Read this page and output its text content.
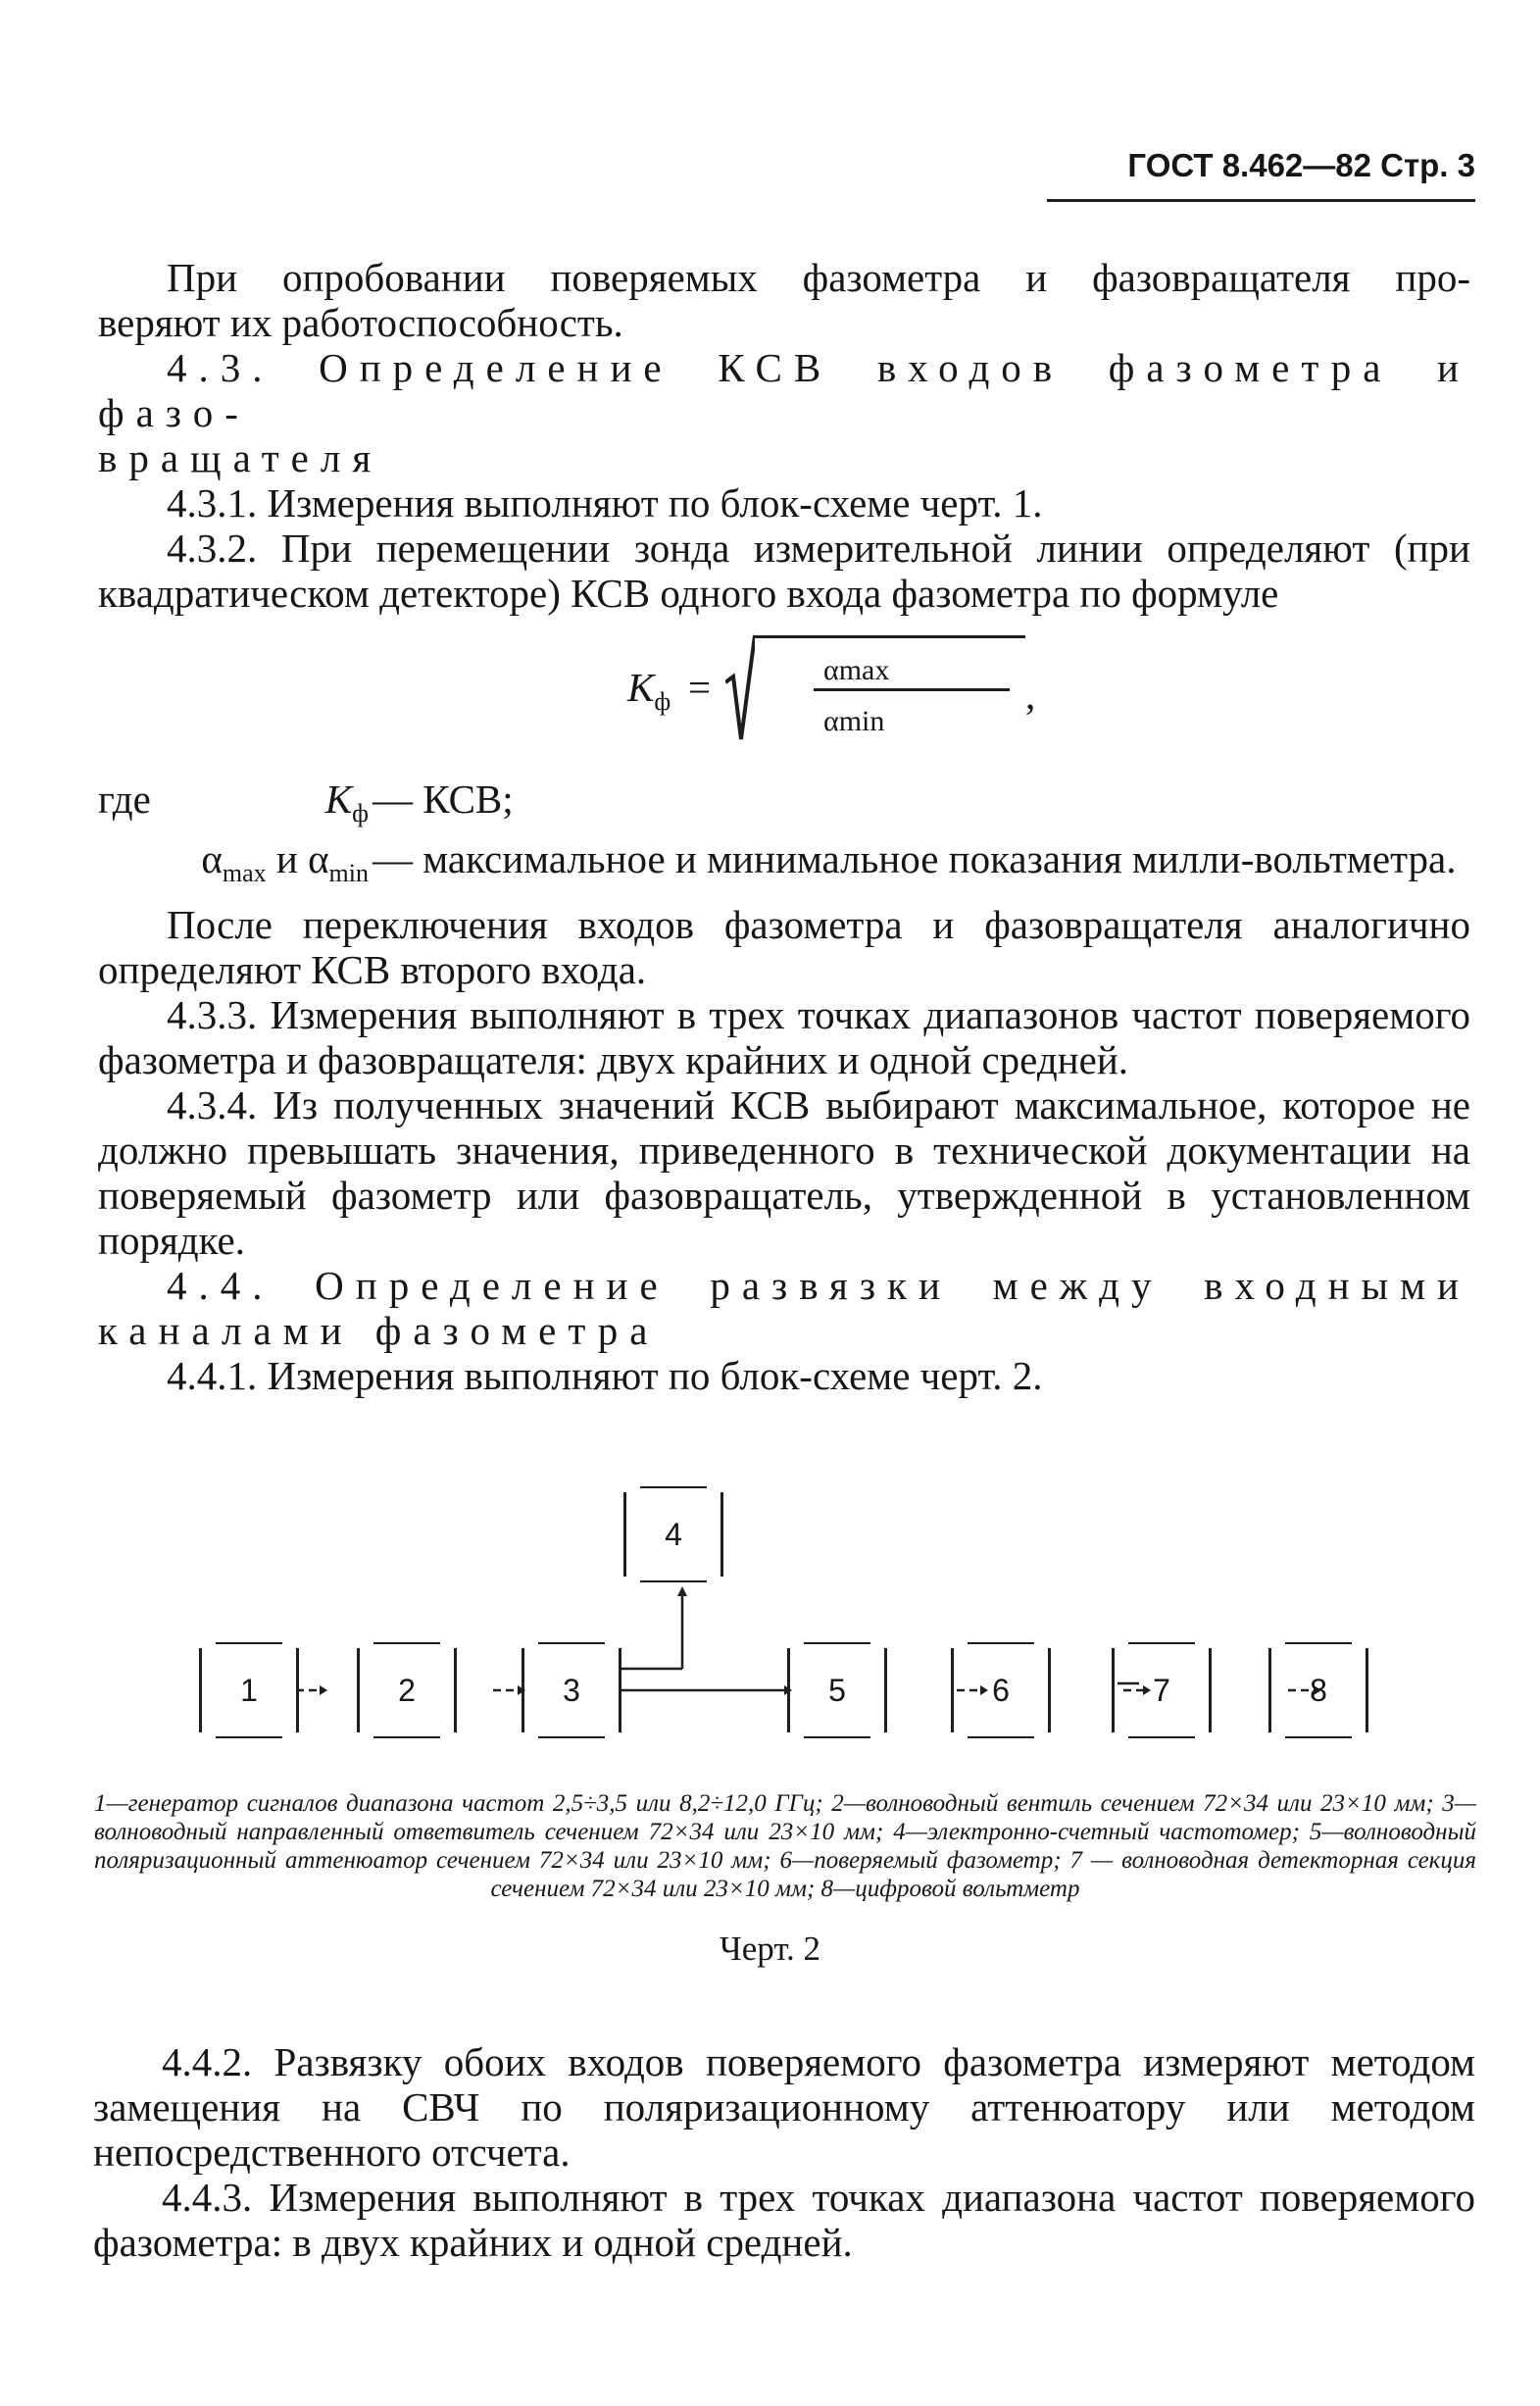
ГОСТ 8.462—82 Стр. 3

При опробовании поверяемых фазометра и фазовращателя про-

веряют их работоспособность.

4.3. Определение КСВ входов фазометра и фазо-

вращателя

4.3.1. Измерения выполняют по блок-схеме черт. 1.

4.3.2. При перемещении зонда измерительной линии определяют (при квадратическом детекторе) КСВ одного входа фазометра по формуле

$K_ф$ =	αmax
αmin
,
где	$K_ф$ — КСВ;
$\alpha_{max}$ и $\alpha_{min}$ — максимальное и минимальное показания милли-вольтметра.

После переключения входов фазометра и фазовращателя аналогично определяют КСВ второго входа.

4.3.3. Измерения выполняют в трех точках диапазонов частот поверяемого фазометра и фазовращателя: двух крайних и одной средней.

4.3.4. Из полученных значений КСВ выбирают максимальное, которое не должно превышать значения, приведенного в технической документации на поверяемый фазометр или фазовращатель, утвержденной в установленном порядке.

4.4. Определение развязки между входными

каналами фазометра

4.4.1. Измерения выполняют по блок-схеме черт. 2.

1	2	3
4
5	6	7	8
1—генератор сигналов диапазона частот 2,5÷3,5 или 8,2÷12,0 ГГц; 2—волноводный вентиль сечением 72×34 или 23×10 мм; 3—волноводный направленный ответвитель сечением 72×34 или 23×10 мм; 4—электронно-счетный частотомер; 5—волноводный поляризационный аттенюатор сечением 72×34 или 23×10 мм; 6—поверяемый фазометр; 7 — волноводная детекторная секция сечением 72×34 или 23×10 мм; 8—цифровой вольтметр
Черт. 2

4.4.2. Развязку обоих входов поверяемого фазометра измеряют методом замещения на СВЧ по поляризационному аттенюатору или методом непосредственного отсчета.

4.4.3. Измерения выполняют в трех точках диапазона частот поверяемого фазометра: в двух крайних и одной средней.
